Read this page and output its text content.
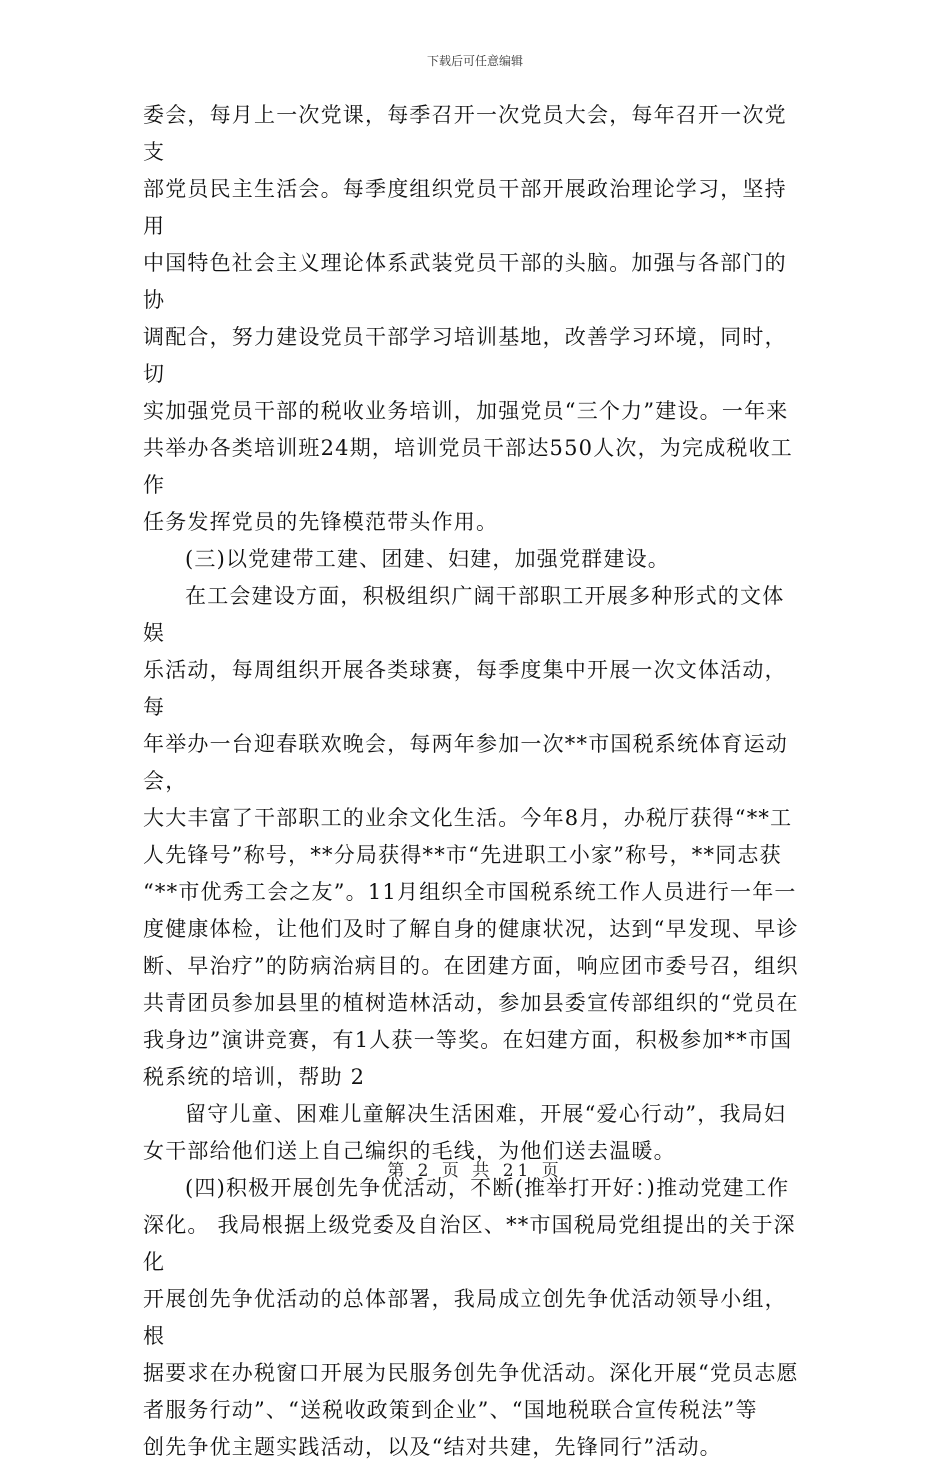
下载后可任意编辑

委会，每月上一次党课，每季召开一次党员大会，每年召开一次党支
部党员民主生活会。每季度组织党员干部开展政治理论学习，坚持用
中国特色社会主义理论体系武装党员干部的头脑。加强与各部门的协
调配合，努力建设党员干部学习培训基地，改善学习环境，同时，切
实加强党员干部的税收业务培训，加强党员“三个力”建设。一年来
共举办各类培训班24期，培训党员干部达550人次，为完成税收工作
任务发挥党员的先锋模范带头作用。

(三)以党建带工建、团建、妇建，加强党群建设。

在工会建设方面，积极组织广阔干部职工开展多种形式的文体娱
乐活动，每周组织开展各类球赛，每季度集中开展一次文体活动，每
年举办一台迎春联欢晚会，每两年参加一次**市国税系统体育运动会，
大大丰富了干部职工的业余文化生活。今年8月，办税厅获得“**工
人先锋号”称号，**分局获得**市“先进职工小家”称号，**同志获
“**市优秀工会之友”。11月组织全市国税系统工作人员进行一年一
度健康体检，让他们及时了解自身的健康状况，达到“早发现、早诊
断、早治疗”的防病治病目的。在团建方面，响应团市委号召，组织
共青团员参加县里的植树造林活动，参加县委宣传部组织的“党员在
我身边”演讲竞赛，有1人获一等奖。在妇建方面，积极参加**市国
税系统的培训，帮助 2

留守儿童、困难儿童解决生活困难，开展“爱心行动”，我局妇
女干部给他们送上自己编织的毛线，为他们送去温暖。

(四)积极开展创先争优活动，不断(推举打开好：)推动党建工作
深化。 我局根据上级党委及自治区、**市国税局党组提出的关于深化
开展创先争优活动的总体部署，我局成立创先争优活动领导小组，根
据要求在办税窗口开展为民服务创先争优活动。深化开展“党员志愿
者服务行动”、“送税收政策到企业”、“国地税联合宣传税法”等
创先争优主题实践活动，以及“结对共建，先锋同行”活动。

第 2 页 共 21 页
